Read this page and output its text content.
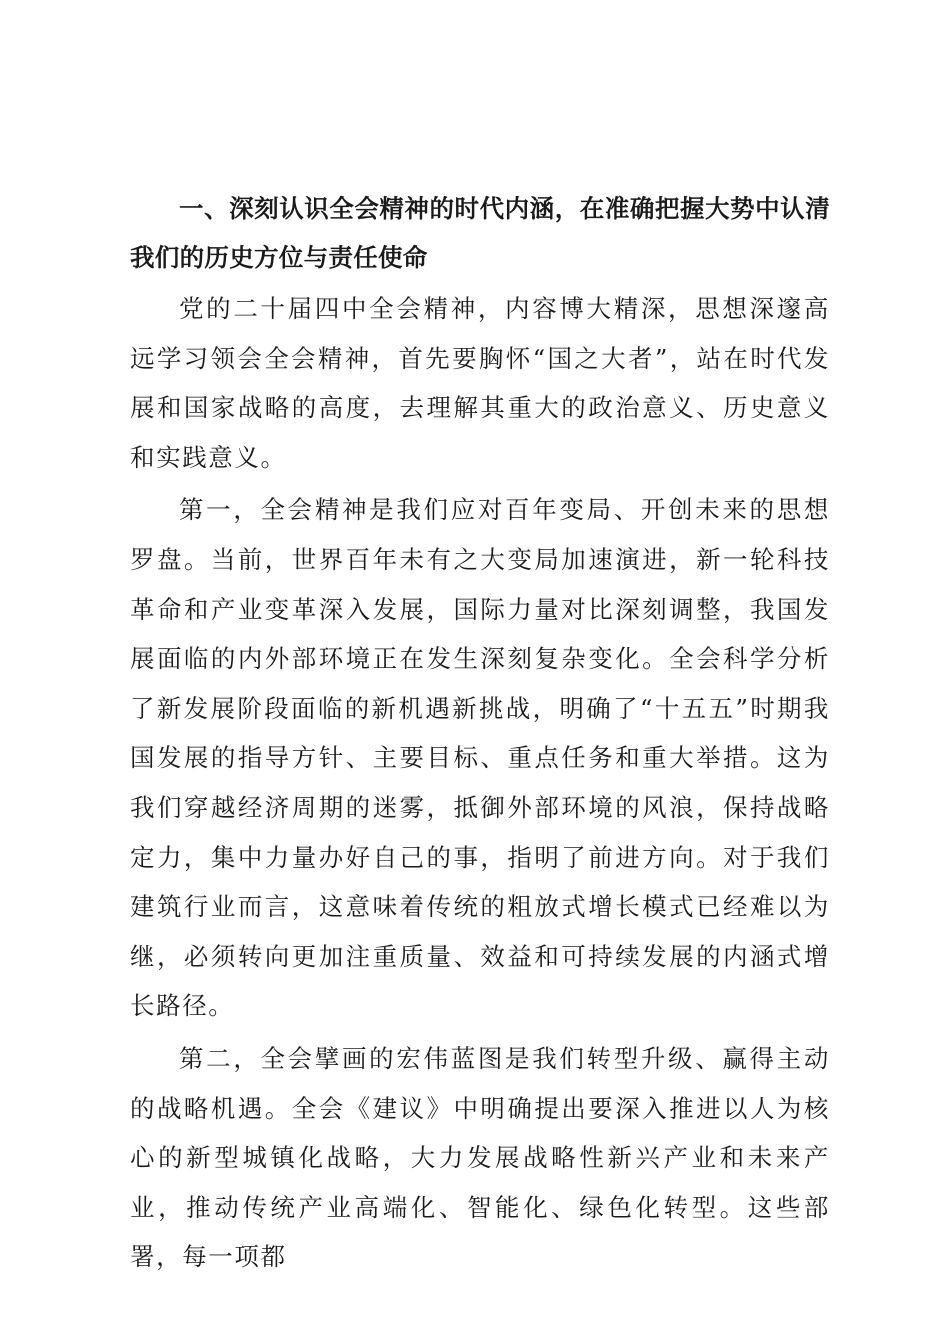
一、深刻认识全会精神的时代内涵，在准确把握大势中认清我们的历史方位与责任使命

党的二十届四中全会精神，内容博大精深，思想深邃高远学习领会全会精神，首先要胸怀“国之大者”，站在时代发展和国家战略的高度，去理解其重大的政治意义、历史意义和实践意义。

第一，全会精神是我们应对百年变局、开创未来的思想罗盘。当前，世界百年未有之大变局加速演进，新一轮科技革命和产业变革深入发展，国际力量对比深刻调整，我国发展面临的内外部环境正在发生深刻复杂变化。全会科学分析了新发展阶段面临的新机遇新挑战，明确了“十五五”时期我国发展的指导方针、主要目标、重点任务和重大举措。这为我们穿越经济周期的迷雾，抵御外部环境的风浪，保持战略定力，集中力量办好自己的事，指明了前进方向。对于我们建筑行业而言，这意味着传统的粗放式增长模式已经难以为继，必须转向更加注重质量、效益和可持续发展的内涵式增长路径。

第二，全会擘画的宏伟蓝图是我们转型升级、赢得主动的战略机遇。全会《建议》中明确提出要深入推进以人为核心的新型城镇化战略，大力发展战略性新兴产业和未来产业，推动传统产业高端化、智能化、绿色化转型。这些部署，每一项都
